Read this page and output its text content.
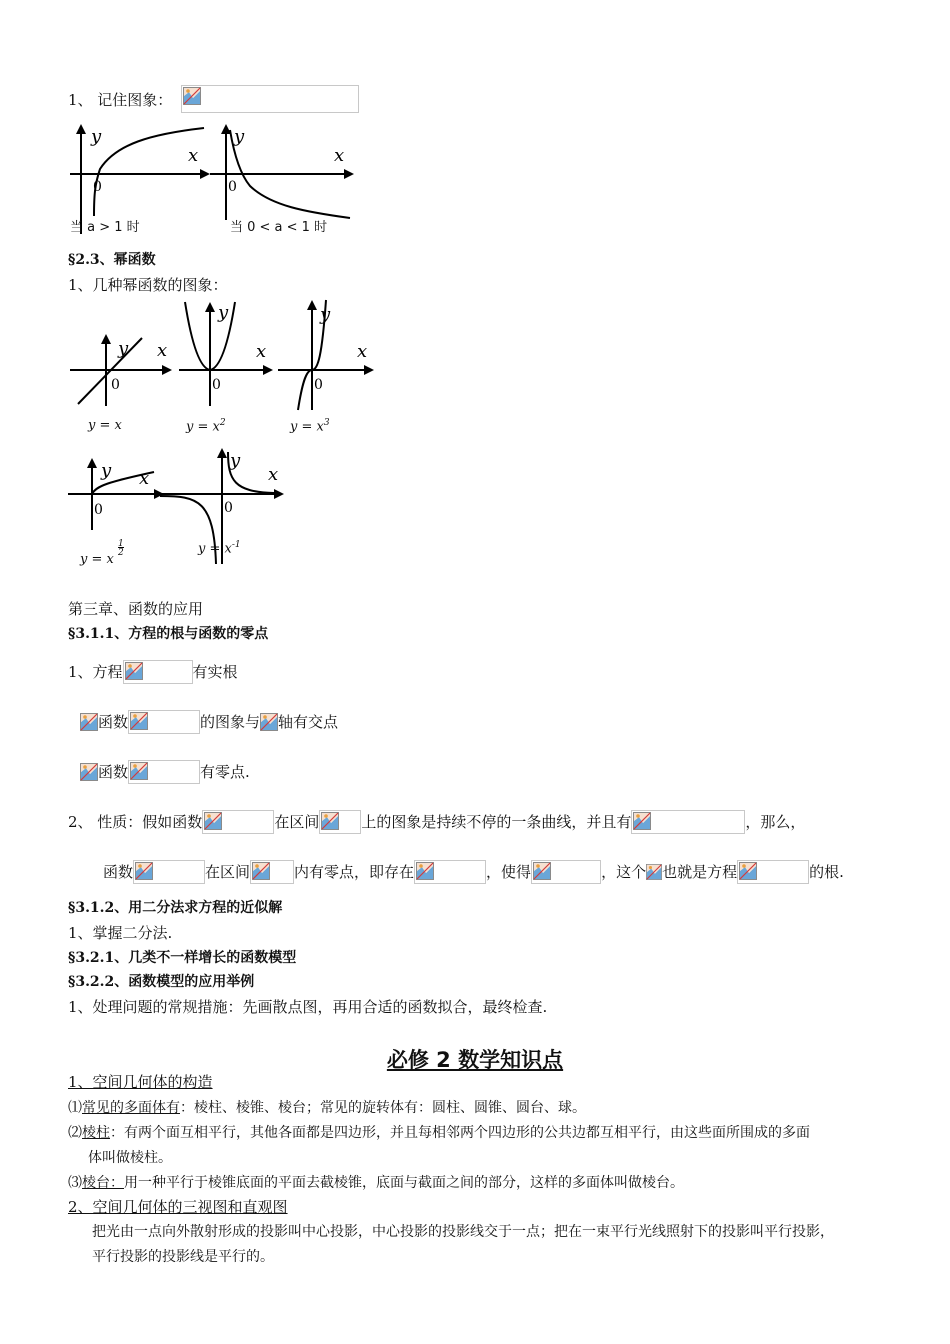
1、 记住图象：
y
x
0
当 a > 1 时
y
x
0
当 0 < a < 1 时
§2.3、幂函数
1、几种幂函数的图象：
y x
0
y = x
y
x
0
$y = x^2$
y
x
0
$y = x^3$
y x
0
y = x $\frac{1}{2}$
y
x
0
$y = x^{-1}$
第三章、函数的应用
§3.1.1、方程的根与函数的零点
1、方程	有实根
函数	的图象与 轴有交点
函数	有零点.
2、 性质：假如函数	在区间	上的图象是持续不停的一条曲线，并且有	，那么，
函数	在区间	内有零点，即存在	，使得	，这个 也就是方程	的根.
§3.1.2、用二分法求方程的近似解
1、掌握二分法.
§3.2.1、几类不一样增长的函数模型
§3.2.2、函数模型的应用举例
1、处理问题的常规措施：先画散点图，再用合适的函数拟合，最终检查.
必修 2 数学知识点
1、空间几何体的构造
⑴常见的多面体有：棱柱、棱锥、棱台；常见的旋转体有：圆柱、圆锥、圆台、球。
⑵棱柱：有两个面互相平行，其他各面都是四边形，并且每相邻两个四边形的公共边都互相平行，由这些面所围成的多面
体叫做棱柱。
⑶棱台：用一种平行于棱锥底面的平面去截棱锥，底面与截面之间的部分，这样的多面体叫做棱台。
2、空间几何体的三视图和直观图
把光由一点向外散射形成的投影叫中心投影，中心投影的投影线交于一点；把在一束平行光线照射下的投影叫平行投影，
平行投影的投影线是平行的。
